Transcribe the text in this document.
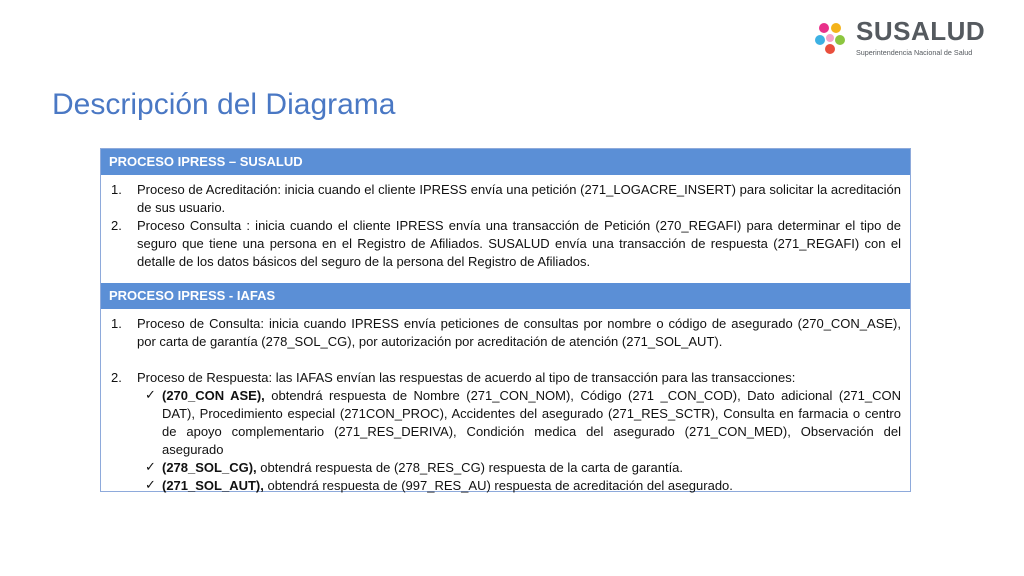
SUSALUD
Superintendencia Nacional de Salud
Descripción del Diagrama
PROCESO IPRESS – SUSALUD
1. Proceso de Acreditación: inicia cuando el cliente IPRESS envía una petición (271_LOGACRE_INSERT) para solicitar la acreditación de sus usuario.
2. Proceso Consulta : inicia cuando el cliente IPRESS envía una transacción de Petición (270_REGAFI) para determinar el tipo de seguro que tiene una persona en el Registro de Afiliados. SUSALUD envía una transacción de respuesta (271_REGAFI) con el detalle de los datos básicos del seguro de la persona del Registro de Afiliados.
PROCESO IPRESS - IAFAS
1. Proceso de Consulta: inicia cuando IPRESS envía peticiones de consultas por nombre o código de asegurado (270_CON_ASE), por carta de garantía (278_SOL_CG), por autorización por acreditación de atención (271_SOL_AUT).
2. Proceso de Respuesta: las IAFAS envían las respuestas de acuerdo al tipo de transacción para las transacciones:
✓ (270_CON ASE), obtendrá respuesta de Nombre (271_CON_NOM), Código (271 _CON_COD), Dato adicional (271_CON DAT), Procedimiento especial (271CON_PROC), Accidentes del asegurado (271_RES_SCTR), Consulta en farmacia o centro de apoyo complementario (271_RES_DERIVA), Condición medica del asegurado (271_CON_MED), Observación del asegurado
✓ (278_SOL_CG), obtendrá respuesta de (278_RES_CG) respuesta de la carta de garantía.
✓ (271_SOL_AUT), obtendrá respuesta de (997_RES_AU) respuesta de acreditación del asegurado.
